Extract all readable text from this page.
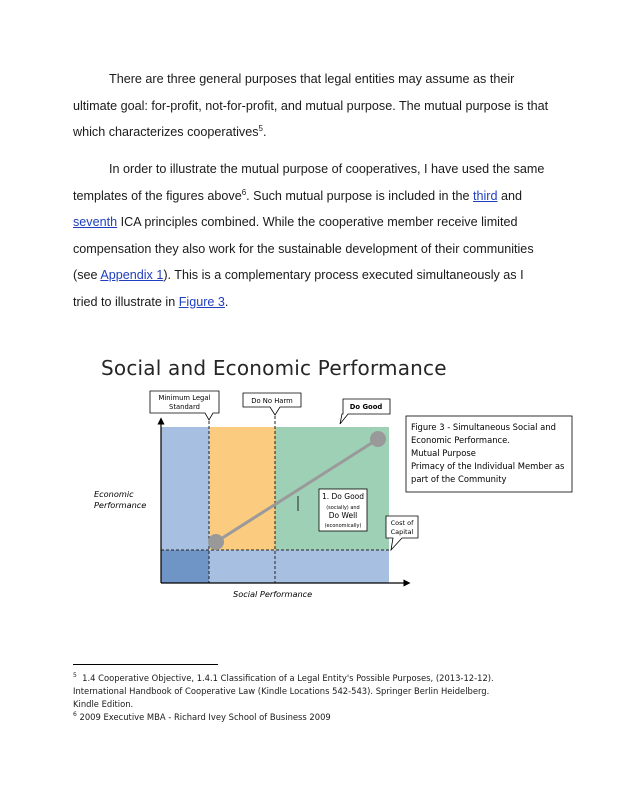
There are three general purposes that legal entities may assume as their ultimate goal: for-profit, not-for-profit, and mutual purpose. The mutual purpose is that which characterizes cooperatives$^5$.

In order to illustrate the mutual purpose of cooperatives, I have used the same templates of the figures above$^6$. Such mutual purpose is included in the third and seventh ICA principles combined. While the cooperative member receive limited compensation they also work for the sustainable development of their communities (see Appendix 1). This is a complementary process executed simultaneously as I tried to illustrate in Figure 3.

Social and Economic Performance
Minimum Legal
Standard
Do No Harm
Do Good
Cost of
Capital
1. Do Good
(socially) and
Do Well
(economically)
Economic
Performance
Social Performance
Figure 3 - Simultaneous Social and
Economic Performance.
Mutual Purpose
Primacy of the Individual Member as
part of the Community
$^5$ 1.4 Cooperative Objective, 1.4.1 Classification of a Legal Entity's Possible Purposes, (2013-12-12).
International Handbook of Cooperative Law (Kindle Locations 542-543). Springer Berlin Heidelberg.
Kindle Edition.
$^6$ 2009 Executive MBA - Richard Ivey School of Business 2009
